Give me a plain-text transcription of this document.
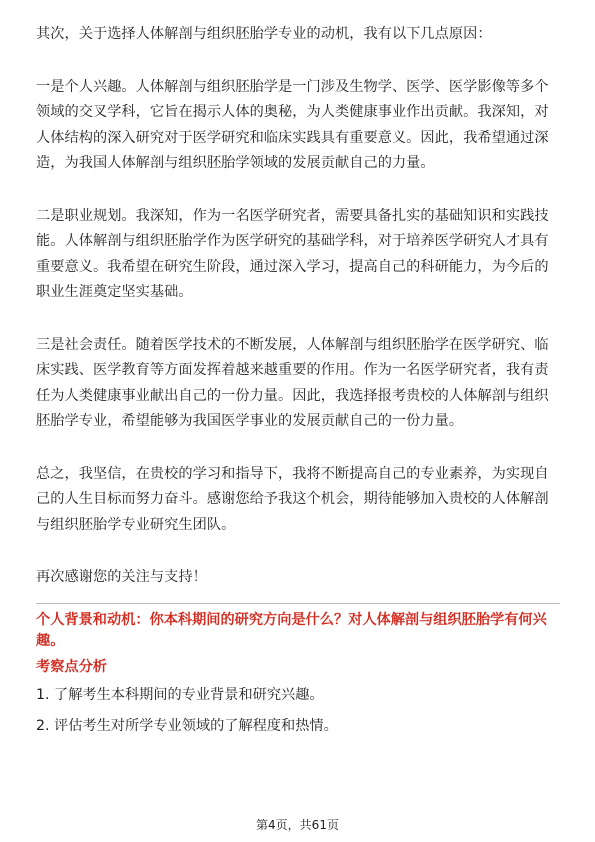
其次，关于选择人体解剖与组织胚胎学专业的动机，我有以下几点原因：

一是个人兴趣。人体解剖与组织胚胎学是一门涉及生物学、医学、医学影像等多个领域的交叉学科，它旨在揭示人体的奥秘，为人类健康事业作出贡献。我深知，对人体结构的深入研究对于医学研究和临床实践具有重要意义。因此，我希望通过深造，为我国人体解剖与组织胚胎学领域的发展贡献自己的力量。

二是职业规划。我深知，作为一名医学研究者，需要具备扎实的基础知识和实践技能。人体解剖与组织胚胎学作为医学研究的基础学科，对于培养医学研究人才具有重要意义。我希望在研究生阶段，通过深入学习，提高自己的科研能力，为今后的职业生涯奠定坚实基础。

三是社会责任。随着医学技术的不断发展，人体解剖与组织胚胎学在医学研究、临床实践、医学教育等方面发挥着越来越重要的作用。作为一名医学研究者，我有责任为人类健康事业献出自己的一份力量。因此，我选择报考贵校的人体解剖与组织胚胎学专业，希望能够为我国医学事业的发展贡献自己的一份力量。

总之，我坚信，在贵校的学习和指导下，我将不断提高自己的专业素养，为实现自己的人生目标而努力奋斗。感谢您给予我这个机会，期待能够加入贵校的人体解剖与组织胚胎学专业研究生团队。

再次感谢您的关注与支持！

个人背景和动机：你本科期间的研究方向是什么？对人体解剖与组织胚胎学有何兴趣。
考察点分析
1. 了解考生本科期间的专业背景和研究兴趣。
2. 评估考生对所学专业领域的了解程度和热情。
第4页，共61页
